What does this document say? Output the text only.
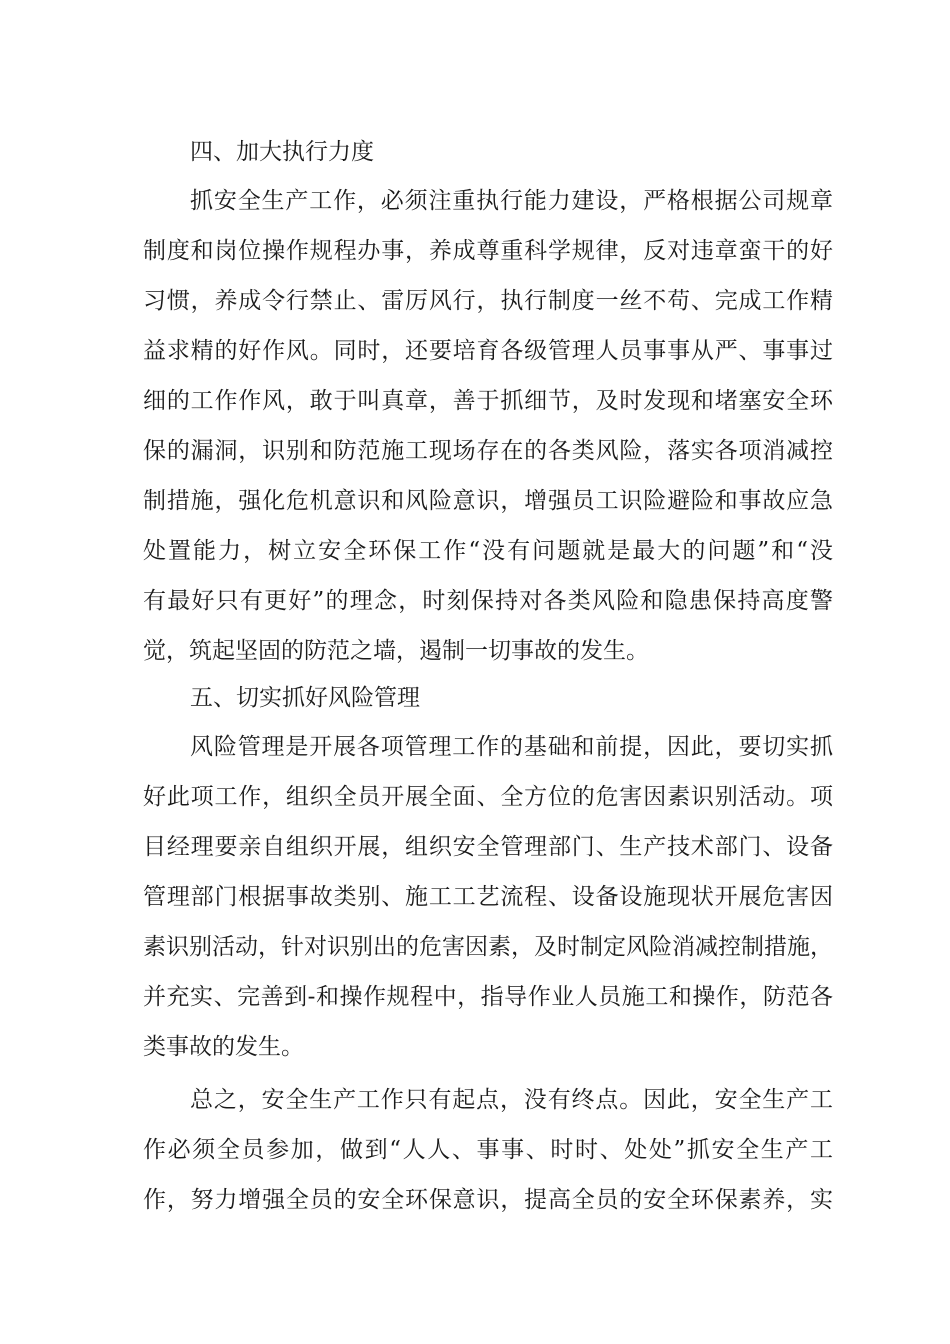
四、加大执行力度
抓安全生产工作，必须注重执行能力建设，严格根据公司规章
制度和岗位操作规程办事，养成尊重科学规律，反对违章蛮干的好
习惯，养成令行禁止、雷厉风行，执行制度一丝不苟、完成工作精
益求精的好作风。同时，还要培育各级管理人员事事从严、事事过
细的工作作风，敢于叫真章，善于抓细节，及时发现和堵塞安全环
保的漏洞，识别和防范施工现场存在的各类风险，落实各项消减控
制措施，强化危机意识和风险意识，增强员工识险避险和事故应急
处置能力，树立安全环保工作“没有问题就是最大的问题”和“没
有最好只有更好”的理念，时刻保持对各类风险和隐患保持高度警
觉，筑起坚固的防范之墙，遏制一切事故的发生。
五、切实抓好风险管理
风险管理是开展各项管理工作的基础和前提，因此，要切实抓
好此项工作，组织全员开展全面、全方位的危害因素识别活动。项
目经理要亲自组织开展，组织安全管理部门、生产技术部门、设备
管理部门根据事故类别、施工工艺流程、设备设施现状开展危害因
素识别活动，针对识别出的危害因素，及时制定风险消减控制措施，
并充实、完善到-和操作规程中，指导作业人员施工和操作，防范各
类事故的发生。
总之，安全生产工作只有起点，没有终点。因此，安全生产工
作必须全员参加，做到“人人、事事、时时、处处”抓安全生产工
作，努力增强全员的安全环保意识，提高全员的安全环保素养，实
